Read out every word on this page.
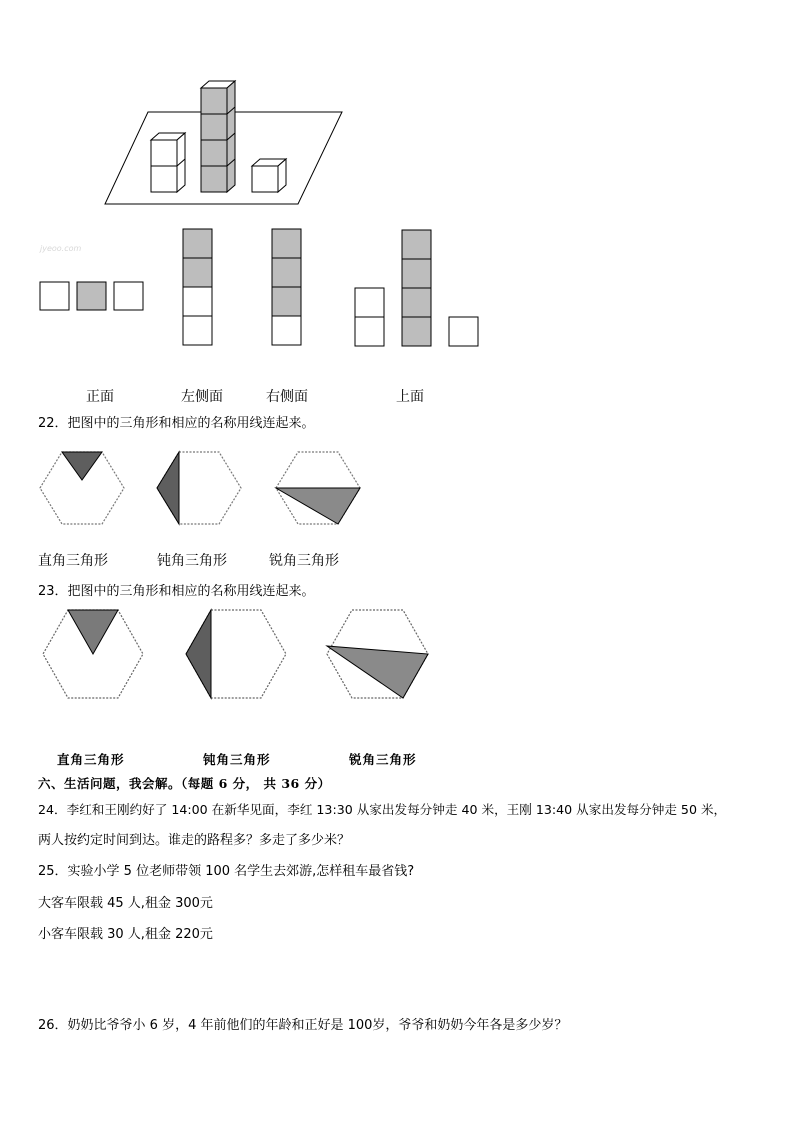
jyeoo.com
正面	左侧面	右侧面	上面
22．把图中的三角形和相应的名称用线连起来。
直角三角形	钝角三角形	锐角三角形
23．把图中的三角形和相应的名称用线连起来。
直角三角形	钝角三角形	锐角三角形
六、生活问题，我会解。（每题 6 分， 共 36 分）
24．李红和王刚约好了 14:00 在新华见面，李红 13:30 从家出发每分钟走 40 米，王刚 13:40 从家出发每分钟走 50 米，
两人按约定时间到达。谁走的路程多？多走了多少米？
25．实验小学 5 位老师带领 100 名学生去郊游,怎样租车最省钱?
大客车限载 45 人,租金 300元
小客车限载 30 人,租金 220元
26．奶奶比爷爷小 6 岁，4 年前他们的年龄和正好是 100岁，爷爷和奶奶今年各是多少岁？
